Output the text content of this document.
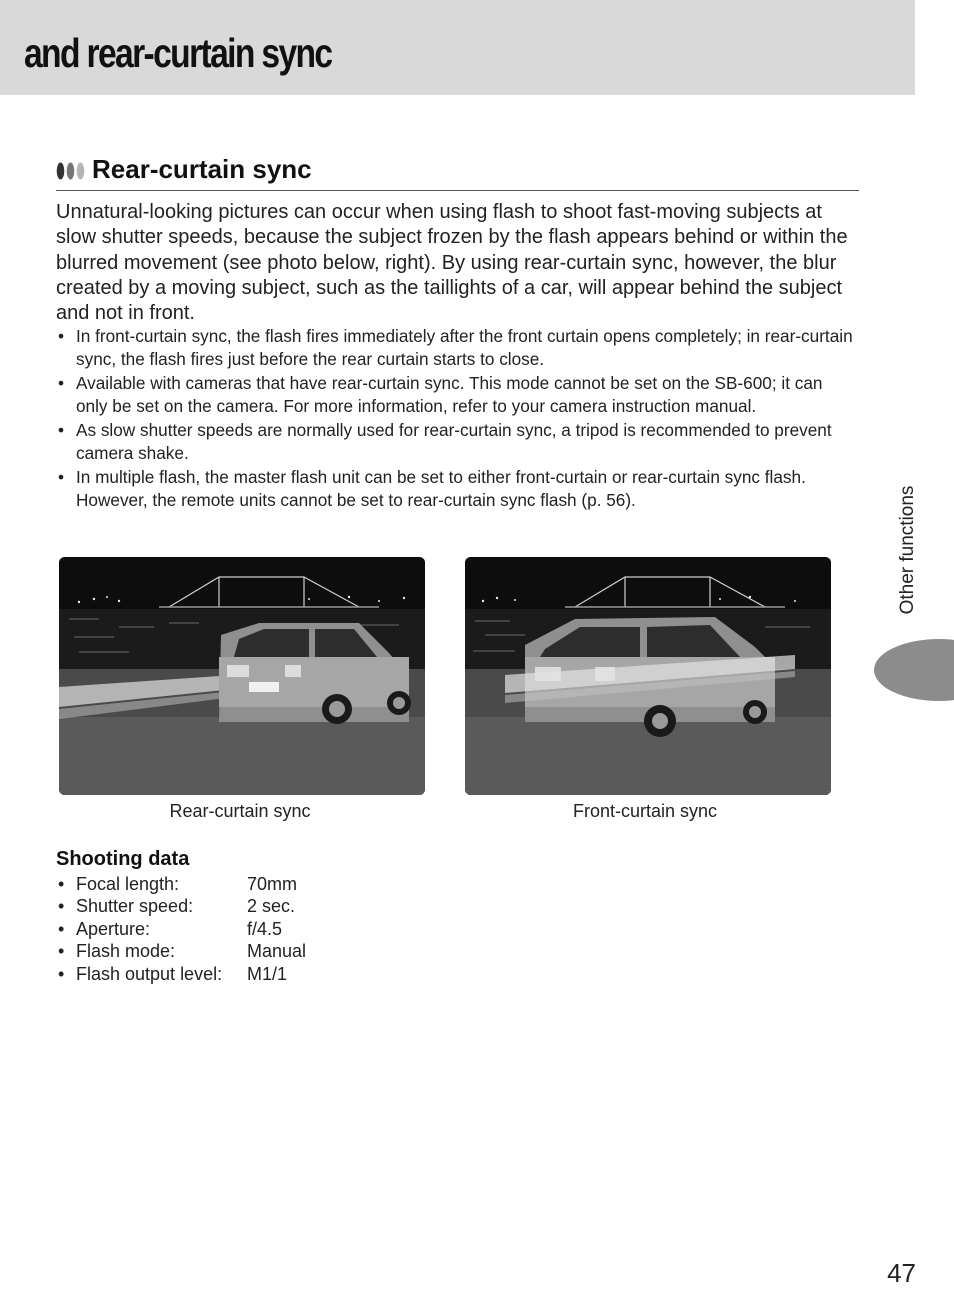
and rear-curtain sync
Rear-curtain sync

Unnatural-looking pictures can occur when using flash to shoot fast-moving subjects at slow shutter speeds, because the subject frozen by the flash appears behind or within the blurred movement (see photo below, right). By using rear-curtain sync, however, the blur created by a moving subject, such as the taillights of a car, will appear behind the subject and not in front.

• In front-curtain sync, the flash fires immediately after the front curtain opens completely; in rear-curtain sync, the flash fires just before the rear curtain starts to close.
• Available with cameras that have rear-curtain sync. This mode cannot be set on the SB-600; it can only be set on the camera. For more information, refer to your camera instruction manual.
• As slow shutter speeds are normally used for rear-curtain sync, a tripod is recommended to prevent camera shake.
• In multiple flash, the master flash unit can be set to either front-curtain or rear-curtain sync flash. However, the remote units cannot be set to rear-curtain sync flash (p. 56).
Rear-curtain sync	Front-curtain sync
Shooting data
• Focal length:	70mm
• Shutter speed:	2 sec.
• Aperture:	f/4.5
• Flash mode:	Manual
• Flash output level: M1/1
Other functions
47
